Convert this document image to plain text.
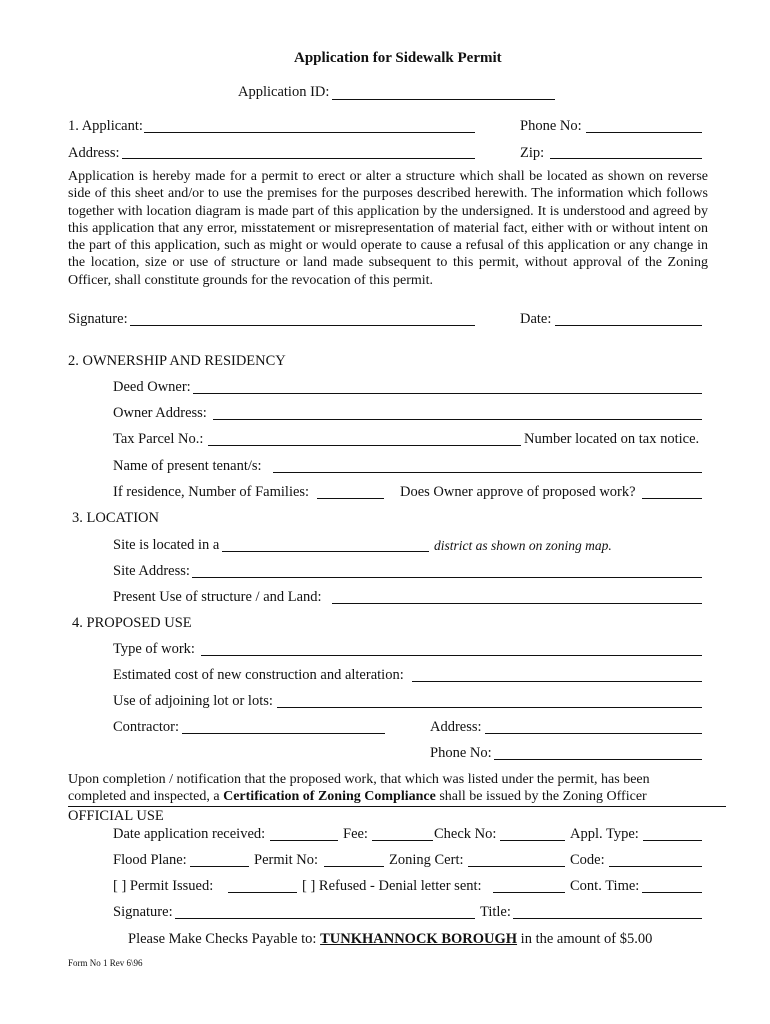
Application for Sidewalk Permit
Application ID:
1. Applicant:	Phone No:
Address:	Zip:
Application is hereby made for a permit to erect or alter a structure which shall be located as shown on reverse side of this sheet and/or to use the premises for the purposes described herewith. The information which follows together with location diagram is made part of this application by the undersigned. It is understood and agreed by this application that any error, misstatement or misrepresentation of material fact, either with or without intent on the part of this application, such as might or would operate to cause a refusal of this application or any change in the location, size or use of structure or land made subsequent to this permit, without approval of the Zoning Officer, shall constitute grounds for the revocation of this permit.
Signature:	Date:
2. OWNERSHIP AND RESIDENCY
Deed Owner:
Owner Address:
Tax Parcel No.:	Number located on tax notice.
Name of present tenant/s:
If residence, Number of Families:	Does Owner approve of proposed work?
3. LOCATION
Site is located in a	district as shown on zoning map.
Site Address:
Present Use of structure / and Land:
4. PROPOSED USE
Type of work:
Estimated cost of new construction and alteration:
Use of adjoining lot or lots:
Contractor:	Address:
Phone No:
Upon completion / notification that the proposed work, that which was listed under the permit, has been
completed and inspected, a Certification of Zoning Compliance shall be issued by the Zoning Officer
OFFICIAL USE
Date application received:	Fee:	Check No:	Appl. Type:
Flood Plane:	Permit No:	Zoning Cert:	Code:
[ ] Permit Issued:	[ ] Refused - Denial letter sent:	Cont. Time:
Signature:	Title:
Please Make Checks Payable to: TUNKHANNOCK BOROUGH in the amount of $5.00
Form No 1 Rev 6\96
